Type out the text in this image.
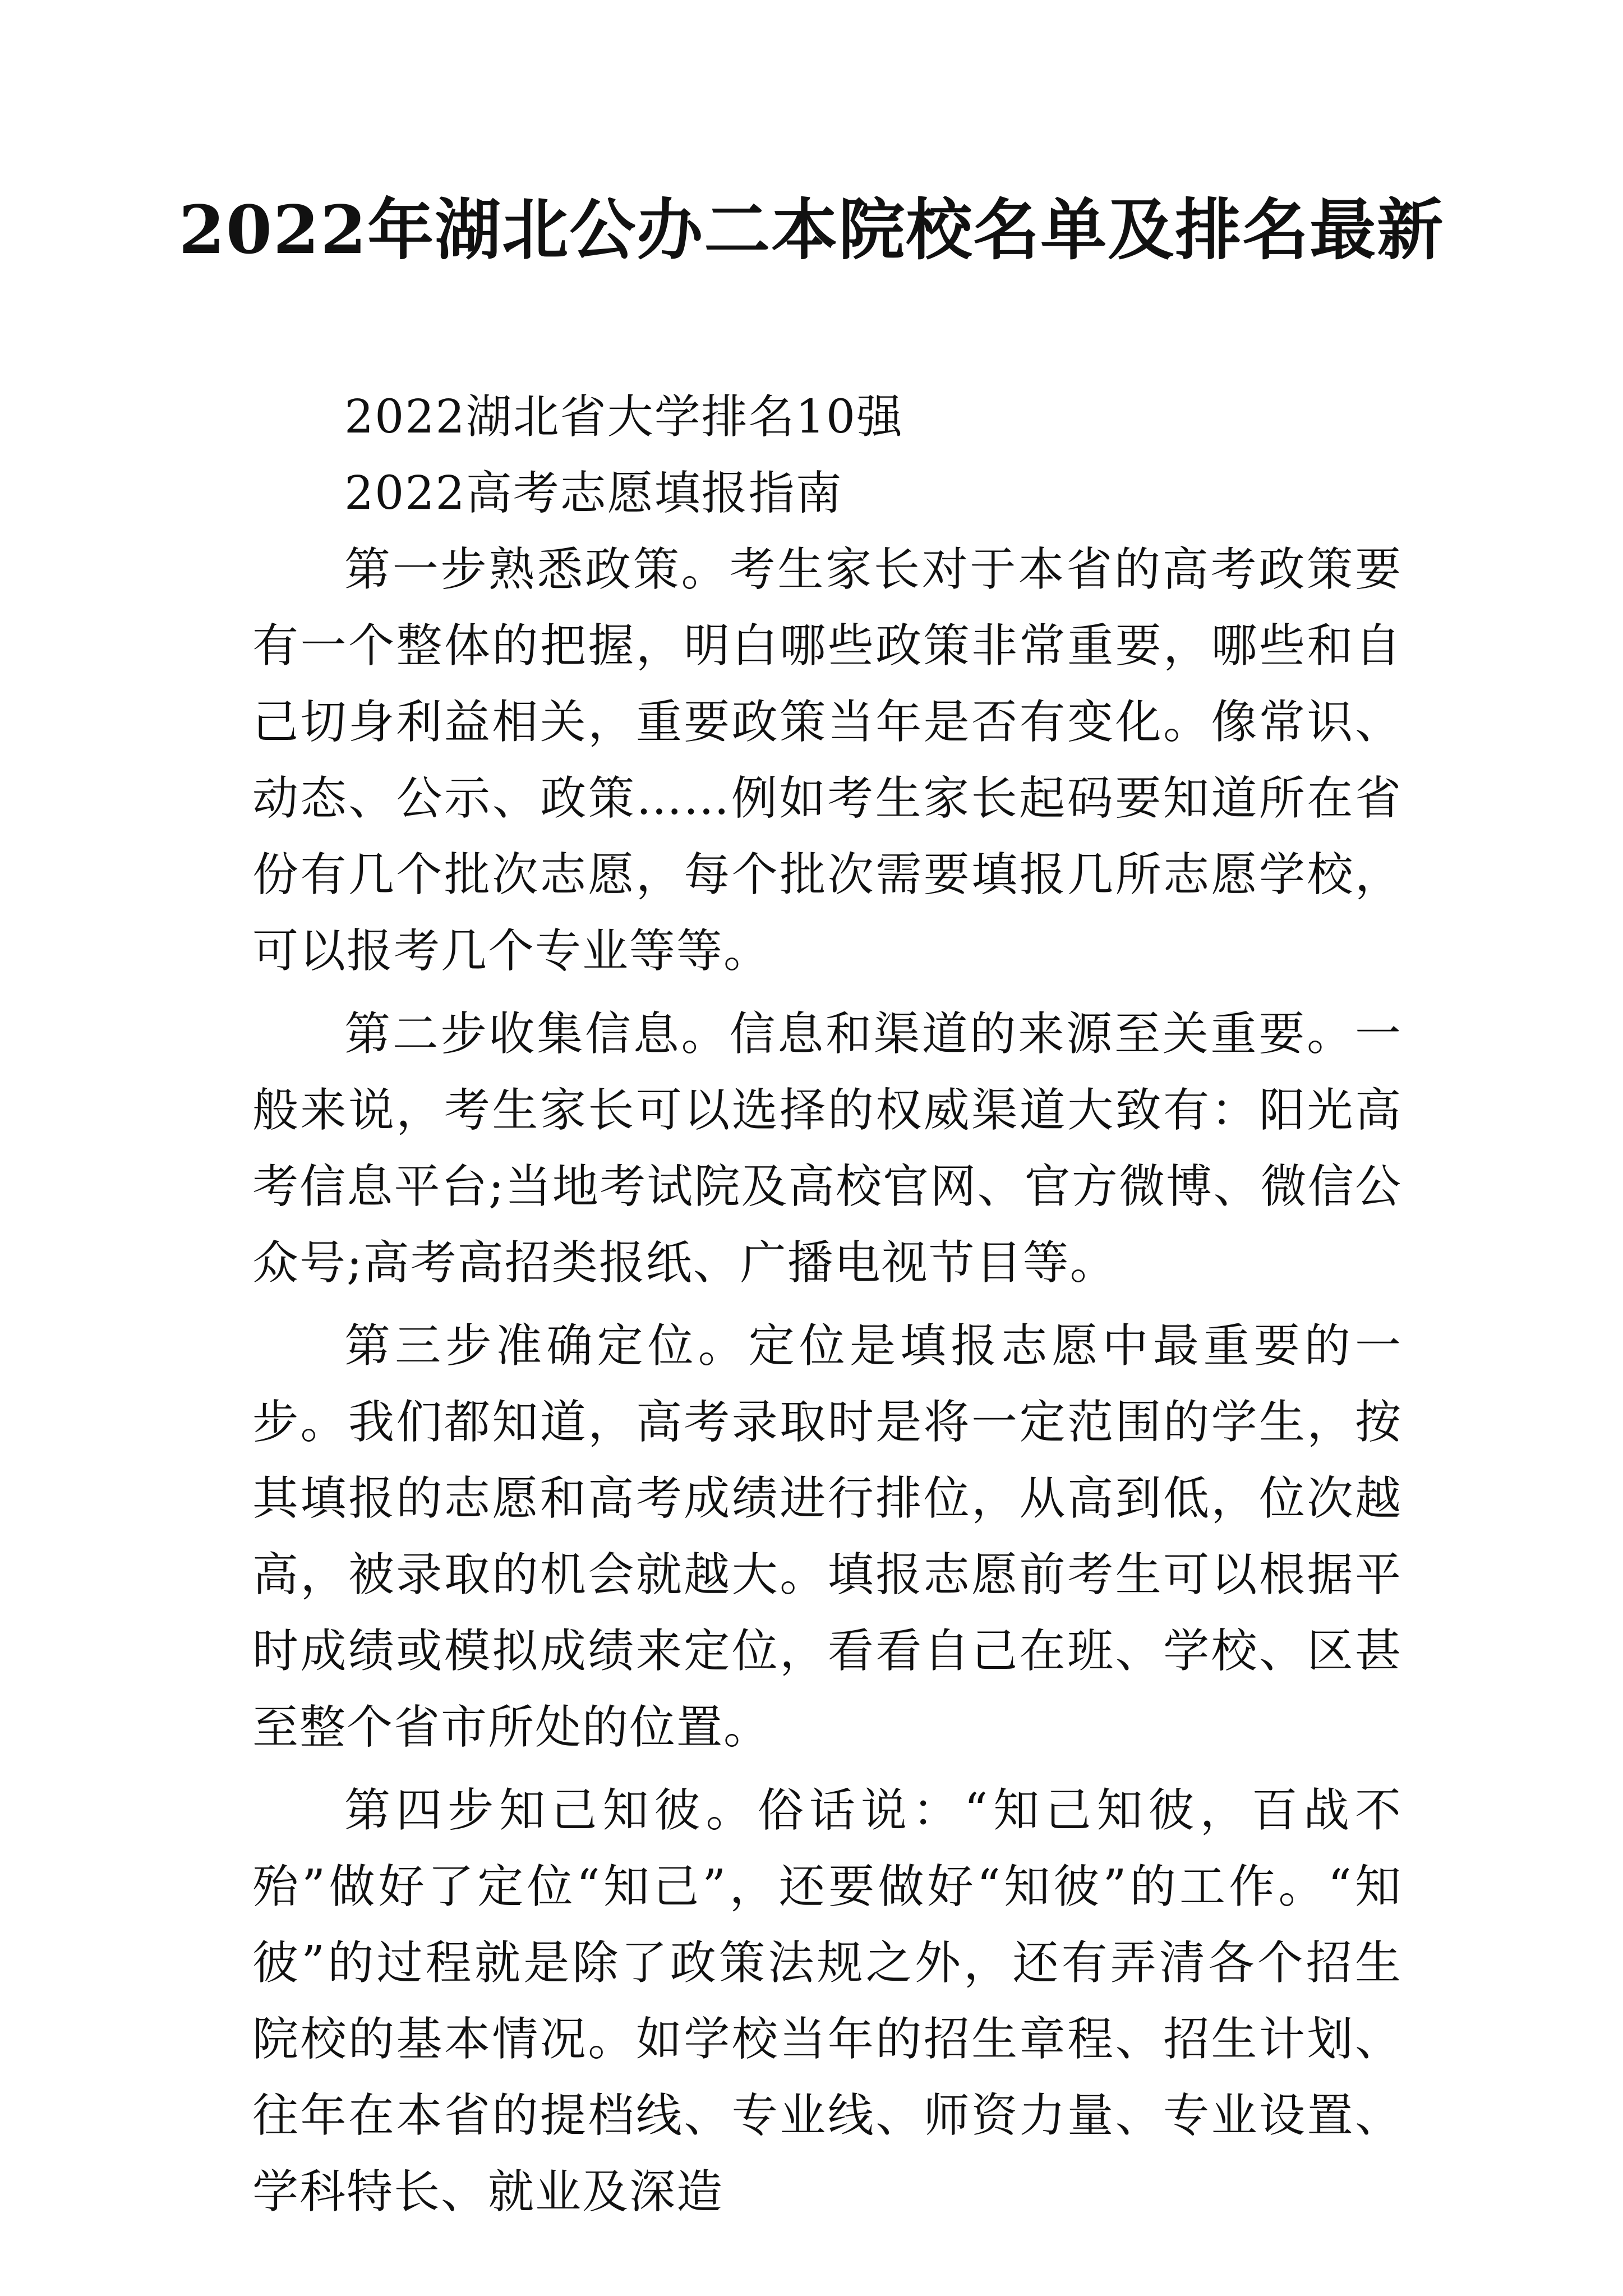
2022年湖北公办二本院校名单及排名最新

2022湖北省大学排名10强

2022高考志愿填报指南

第一步熟悉政策。考生家长对于本省的高考政策要有一个整体的把握，明白哪些政策非常重要，哪些和自己切身利益相关，重要政策当年是否有变化。像常识、动态、公示、政策……例如考生家长起码要知道所在省份有几个批次志愿，每个批次需要填报几所志愿学校，可以报考几个专业等等。

第二步收集信息。信息和渠道的来源至关重要。一般来说，考生家长可以选择的权威渠道大致有：阳光高考信息平台;当地考试院及高校官网、官方微博、微信公众号;高考高招类报纸、广播电视节目等。

第三步准确定位。定位是填报志愿中最重要的一步。我们都知道，高考录取时是将一定范围的学生，按其填报的志愿和高考成绩进行排位，从高到低，位次越高，被录取的机会就越大。填报志愿前考生可以根据平时成绩或模拟成绩来定位，看看自己在班、学校、区甚至整个省市所处的位置。

第四步知己知彼。俗话说：“知己知彼，百战不殆”做好了定位“知己”，还要做好“知彼”的工作。“知彼”的过程就是除了政策法规之外，还有弄清各个招生院校的基本情况。如学校当年的招生章程、招生计划、往年在本省的提档线、专业线、师资力量、专业设置、学科特长、就业及深造
